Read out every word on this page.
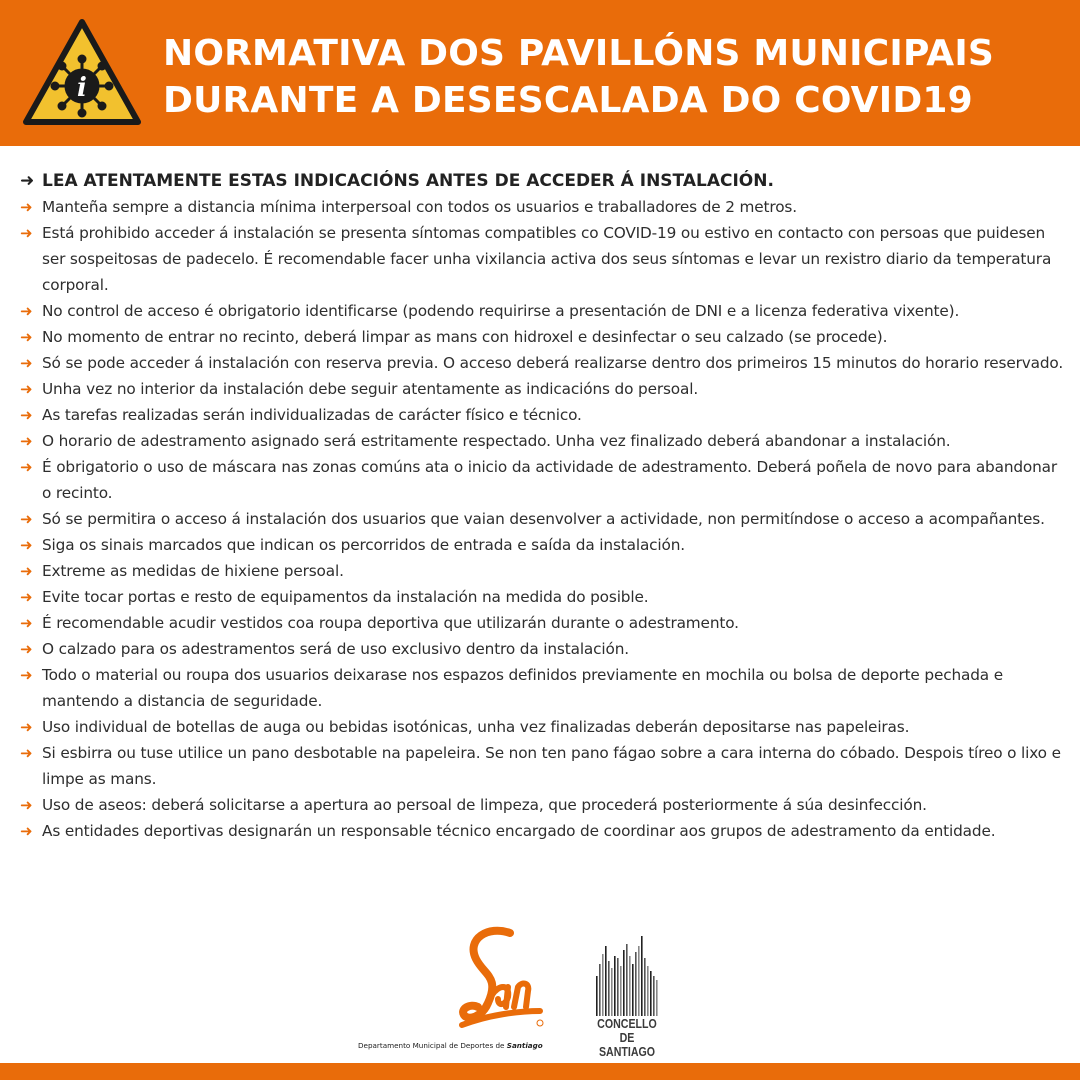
i
NORMATIVA DOS PAVILLÓNS MUNICIPAIS
DURANTE A DESESCALADA DO COVID19
➜ LEA ATENTAMENTE ESTAS INDICACIÓNS ANTES DE ACCEDER Á INSTALACIÓN.
➜ Manteña sempre a distancia mínima interpersoal con todos os usuarios e traballadores de 2 metros.
➜ Está prohibido acceder á instalación se presenta síntomas compatibles co COVID-19 ou estivo en contacto con persoas que puidesen ser sospeitosas de padecelo. É recomendable facer unha vixilancia activa dos seus síntomas e levar un rexistro diario da temperatura corporal.
➜ No control de acceso é obrigatorio identificarse (podendo requirirse a presentación de DNI e a licenza federativa vixente).
➜ No momento de entrar no recinto, deberá limpar as mans con hidroxel e desinfectar o seu calzado (se procede).
➜ Só se pode acceder á instalación con reserva previa. O acceso deberá realizarse dentro dos primeiros 15 minutos do horario reservado.
➜ Unha vez no interior da instalación debe seguir atentamente as indicacións do persoal.
➜ As tarefas realizadas serán individualizadas de carácter físico e técnico.
➜ O horario de adestramento asignado será estritamente respectado. Unha vez finalizado deberá abandonar a instalación.
➜ É obrigatorio o uso de máscara nas zonas comúns ata o inicio da actividade de adestramento. Deberá poñela de novo para abandonar o recinto.
➜ Só se permitira o acceso á instalación dos usuarios que vaian desenvolver a actividade, non permitíndose o acceso a acompañantes.
➜ Siga os sinais marcados que indican os percorridos de entrada e saída da instalación.
➜ Extreme as medidas de hixiene persoal.
➜ Evite tocar portas e resto de equipamentos da instalación na medida do posible.
➜ É recomendable acudir vestidos coa roupa deportiva que utilizarán durante o adestramento.
➜ O calzado para os adestramentos será de uso exclusivo dentro da instalación.
➜ Todo o material ou roupa dos usuarios deixarase nos espazos definidos previamente en mochila ou bolsa de deporte pechada e mantendo a distancia de seguridade.
➜ Uso individual de botellas de auga ou bebidas isotónicas, unha vez finalizadas deberán depositarse nas papeleiras.
➜ Si esbirra ou tuse utilice un pano desbotable na papeleira. Se non ten pano fágao sobre a cara interna do cóbado. Despois tíreo o lixo e limpe as mans.
➜ Uso de aseos: deberá solicitarse a apertura ao persoal de limpeza, que procederá posteriormente á súa desinfección.
➜ As entidades deportivas designarán un responsable técnico encargado de coordinar aos grupos de adestramento da entidade.
Departamento Municipal de Deportes de Santiago
CONCELLO DE
SANTIAGO
